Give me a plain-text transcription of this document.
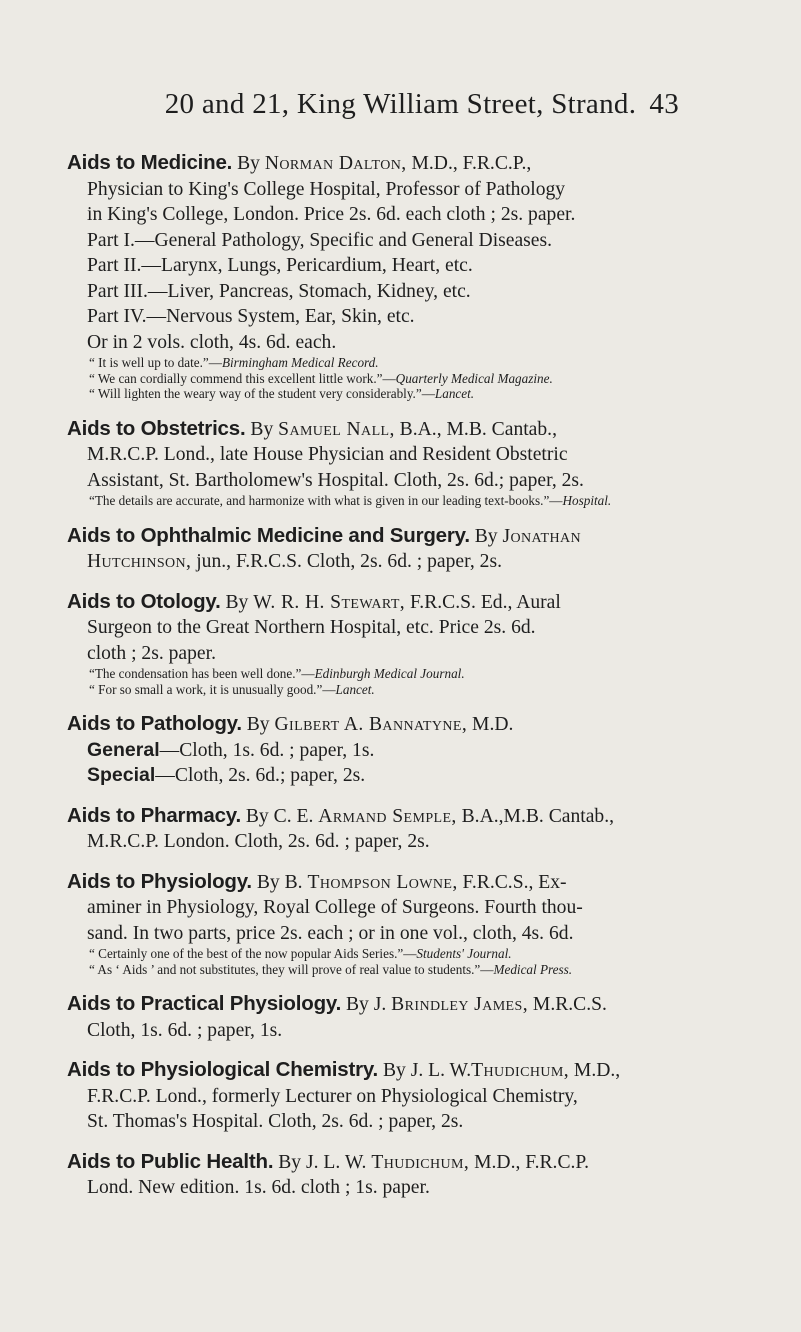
20 and 21, King William Street, Strand. 43
Aids to Medicine. By Norman Dalton, M.D., F.R.C.P.,
Physician to King's College Hospital, Professor of Pathology
in King's College, London. Price 2s. 6d. each cloth ; 2s. paper.
Part I.—General Pathology, Specific and General Diseases.
Part II.—Larynx, Lungs, Pericardium, Heart, etc.
Part III.—Liver, Pancreas, Stomach, Kidney, etc.
Part IV.—Nervous System, Ear, Skin, etc.
Or in 2 vols. cloth, 4s. 6d. each.
“ It is well up to date.”—Birmingham Medical Record.
“ We can cordially commend this excellent little work.”—Quarterly Medical Magazine.
“ Will lighten the weary way of the student very considerably.”—Lancet.
Aids to Obstetrics. By Samuel Nall, B.A., M.B. Cantab.,
M.R.C.P. Lond., late House Physician and Resident Obstetric
Assistant, St. Bartholomew's Hospital. Cloth, 2s. 6d.; paper, 2s.
“The details are accurate, and harmonize with what is given in our leading text-books.”—Hospital.
Aids to Ophthalmic Medicine and Surgery. By Jonathan
Hutchinson, jun., F.R.C.S. Cloth, 2s. 6d. ; paper, 2s.
Aids to Otology. By W. R. H. Stewart, F.R.C.S. Ed., Aural
Surgeon to the Great Northern Hospital, etc. Price 2s. 6d.
cloth ; 2s. paper.
“The condensation has been well done.”—Edinburgh Medical Journal.
“ For so small a work, it is unusually good.”—Lancet.
Aids to Pathology. By Gilbert A. Bannatyne, M.D.
General—Cloth, 1s. 6d. ; paper, 1s.
Special—Cloth, 2s. 6d.; paper, 2s.
Aids to Pharmacy. By C. E. Armand Semple, B.A.,M.B. Cantab.,
M.R.C.P. London. Cloth, 2s. 6d. ; paper, 2s.
Aids to Physiology. By B. Thompson Lowne, F.R.C.S., Ex-
aminer in Physiology, Royal College of Surgeons. Fourth thou-
sand. In two parts, price 2s. each ; or in one vol., cloth, 4s. 6d.
“ Certainly one of the best of the now popular Aids Series.”—Students' Journal.
“ As ‘ Aids ’ and not substitutes, they will prove of real value to students.”—Medical Press.
Aids to Practical Physiology. By J. Brindley James, M.R.C.S.
Cloth, 1s. 6d. ; paper, 1s.
Aids to Physiological Chemistry. By J. L. W.Thudichum, M.D.,
F.R.C.P. Lond., formerly Lecturer on Physiological Chemistry,
St. Thomas's Hospital. Cloth, 2s. 6d. ; paper, 2s.
Aids to Public Health. By J. L. W. Thudichum, M.D., F.R.C.P.
Lond. New edition. 1s. 6d. cloth ; 1s. paper.
